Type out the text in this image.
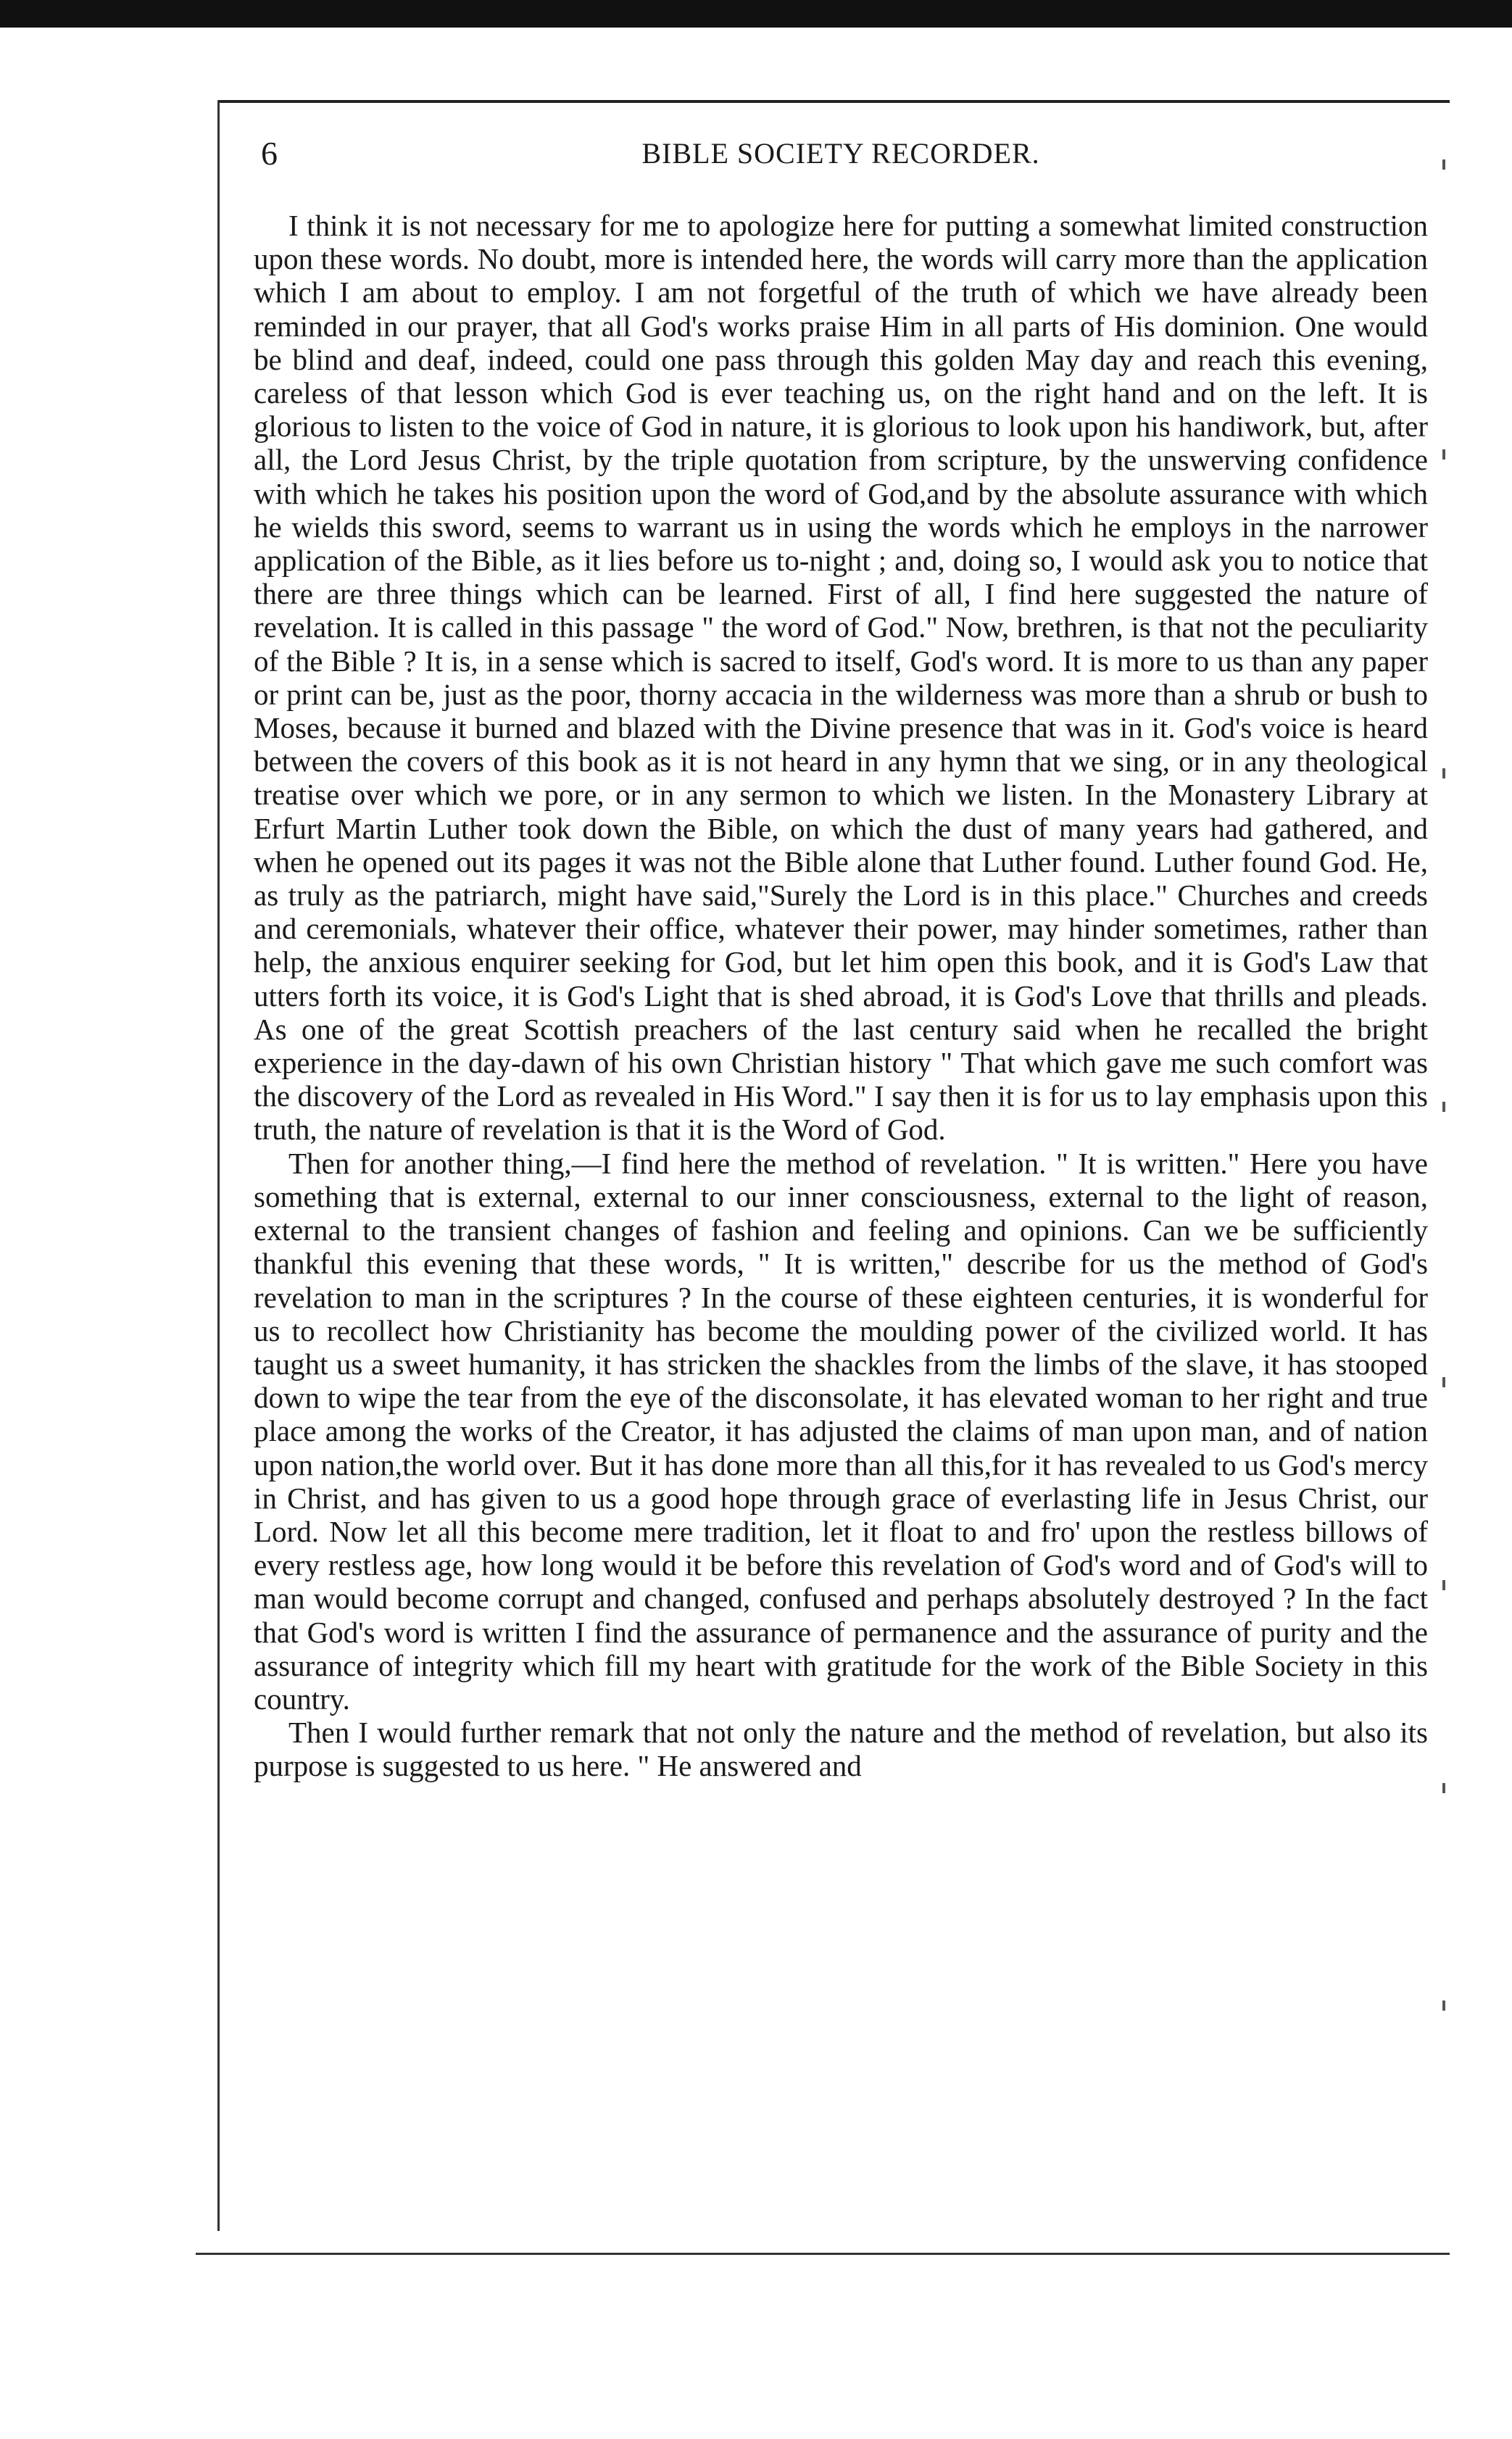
6	BIBLE SOCIETY RECORDER.

I think it is not necessary for me to apologize here for putting a somewhat limited construction upon these words. No doubt, more is intended here, the words will carry more than the application which I am about to employ. I am not forgetful of the truth of which we have already been reminded in our prayer, that all God's works praise Him in all parts of His dominion. One would be blind and deaf, indeed, could one pass through this golden May day and reach this evening, careless of that lesson which God is ever teaching us, on the right hand and on the left. It is glorious to listen to the voice of God in nature, it is glorious to look upon his handiwork, but, after all, the Lord Jesus Christ, by the triple quotation from scripture, by the unswerving confidence with which he takes his position upon the word of God,and by the absolute assurance with which he wields this sword, seems to warrant us in using the words which he employs in the narrower application of the Bible, as it lies before us to-night ; and, doing so, I would ask you to notice that there are three things which can be learned. First of all, I find here suggested the nature of revelation. It is called in this passage " the word of God." Now, brethren, is that not the peculiarity of the Bible ? It is, in a sense which is sacred to itself, God's word. It is more to us than any paper or print can be, just as the poor, thorny accacia in the wilderness was more than a shrub or bush to Moses, because it burned and blazed with the Divine presence that was in it. God's voice is heard between the covers of this book as it is not heard in any hymn that we sing, or in any theological treatise over which we pore, or in any sermon to which we listen. In the Monastery Library at Erfurt Martin Luther took down the Bible, on which the dust of many years had gathered, and when he opened out its pages it was not the Bible alone that Luther found. Luther found God. He, as truly as the patriarch, might have said,"Surely the Lord is in this place." Churches and creeds and ceremonials, whatever their office, whatever their power, may hinder sometimes, rather than help, the anxious enquirer seeking for God, but let him open this book, and it is God's Law that utters forth its voice, it is God's Light that is shed abroad, it is God's Love that thrills and pleads. As one of the great Scottish preachers of the last century said when he recalled the bright experience in the day-dawn of his own Christian history " That which gave me such comfort was the discovery of the Lord as revealed in His Word." I say then it is for us to lay emphasis upon this truth, the nature of revelation is that it is the Word of God.

Then for another thing,—I find here the method of revelation. " It is written." Here you have something that is external, external to our inner consciousness, external to the light of reason, external to the transient changes of fashion and feeling and opinions. Can we be sufficiently thankful this evening that these words, " It is written," describe for us the method of God's revelation to man in the scriptures ? In the course of these eighteen centuries, it is wonderful for us to recollect how Christianity has become the moulding power of the civilized world. It has taught us a sweet humanity, it has stricken the shackles from the limbs of the slave, it has stooped down to wipe the tear from the eye of the disconsolate, it has elevated woman to her right and true place among the works of the Creator, it has adjusted the claims of man upon man, and of nation upon nation,the world over. But it has done more than all this,for it has revealed to us God's mercy in Christ, and has given to us a good hope through grace of everlasting life in Jesus Christ, our Lord. Now let all this become mere tradition, let it float to and fro' upon the restless billows of every restless age, how long would it be before this revelation of God's word and of God's will to man would become corrupt and changed, confused and perhaps absolutely destroyed ? In the fact that God's word is written I find the assurance of permanence and the assurance of purity and the assurance of integrity which fill my heart with gratitude for the work of the Bible Society in this country.

Then I would further remark that not only the nature and the method of revelation, but also its purpose is suggested to us here. " He answered and
